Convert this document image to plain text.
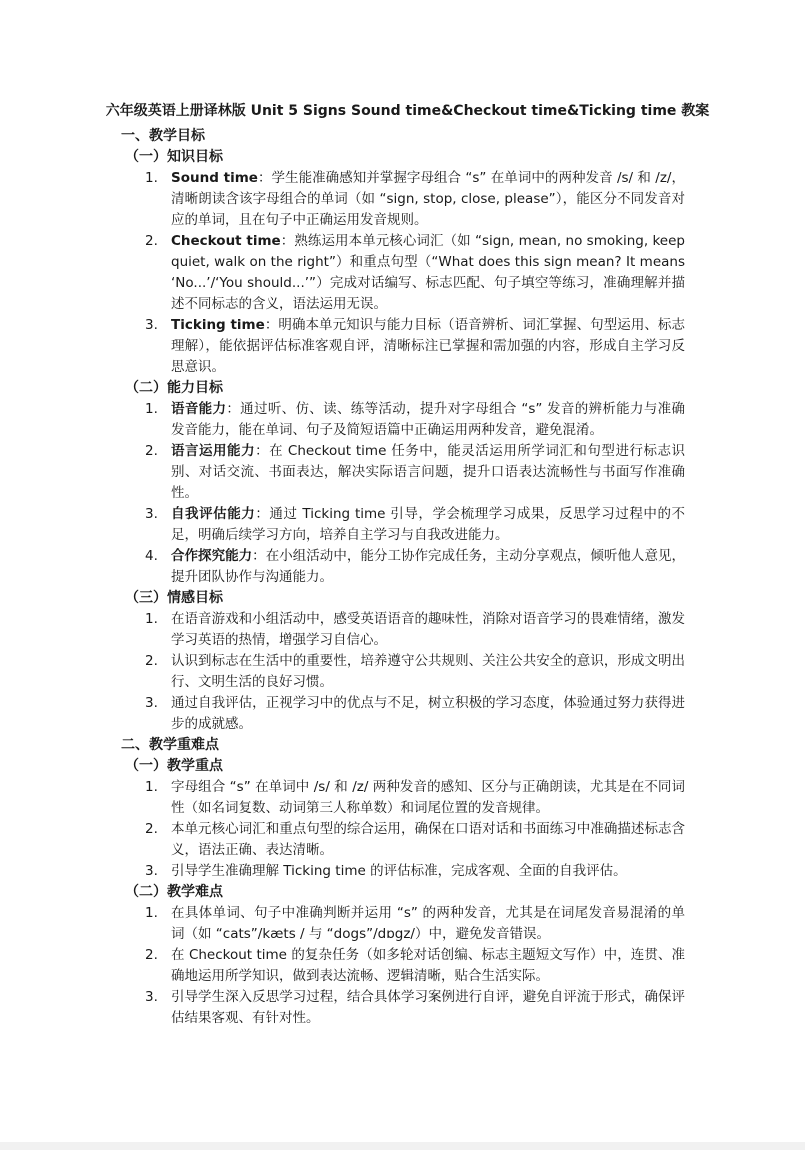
六年级英语上册译林版 Unit 5 Signs Sound time&Checkout time&Ticking time 教案
一、教学目标
（一）知识目标
1. Sound time：学生能准确感知并掌握字母组合 “s” 在单词中的两种发音 /s/ 和 /z/，清晰朗读含该字母组合的单词（如 “sign, stop, close, please”），能区分不同发音对应的单词，且在句子中正确运用发音规则。
2. Checkout time：熟练运用本单元核心词汇（如 “sign, mean, no smoking, keep quiet, walk on the right”）和重点句型（“What does this sign mean? It means ‘No...’/‘You should...’”）完成对话编写、标志匹配、句子填空等练习，准确理解并描述不同标志的含义，语法运用无误。
3. Ticking time：明确本单元知识与能力目标（语音辨析、词汇掌握、句型运用、标志理解），能依据评估标准客观自评，清晰标注已掌握和需加强的内容，形成自主学习反思意识。
（二）能力目标
1. 语音能力：通过听、仿、读、练等活动，提升对字母组合 “s” 发音的辨析能力与准确发音能力，能在单词、句子及简短语篇中正确运用两种发音，避免混淆。
2. 语言运用能力：在 Checkout time 任务中，能灵活运用所学词汇和句型进行标志识别、对话交流、书面表达，解决实际语言问题，提升口语表达流畅性与书面写作准确性。
3. 自我评估能力：通过 Ticking time 引导，学会梳理学习成果，反思学习过程中的不足，明确后续学习方向，培养自主学习与自我改进能力。
4. 合作探究能力：在小组活动中，能分工协作完成任务，主动分享观点，倾听他人意见，提升团队协作与沟通能力。
（三）情感目标
1. 在语音游戏和小组活动中，感受英语语音的趣味性，消除对语音学习的畏难情绪，激发学习英语的热情，增强学习自信心。
2. 认识到标志在生活中的重要性，培养遵守公共规则、关注公共安全的意识，形成文明出行、文明生活的良好习惯。
3. 通过自我评估，正视学习中的优点与不足，树立积极的学习态度，体验通过努力获得进步的成就感。
二、教学重难点
（一）教学重点
1. 字母组合 “s” 在单词中 /s/ 和 /z/ 两种发音的感知、区分与正确朗读，尤其是在不同词性（如名词复数、动词第三人称单数）和词尾位置的发音规律。
2. 本单元核心词汇和重点句型的综合运用，确保在口语对话和书面练习中准确描述标志含义，语法正确、表达清晰。
3. 引导学生准确理解 Ticking time 的评估标准，完成客观、全面的自我评估。
（二）教学难点
1. 在具体单词、句子中准确判断并运用 “s” 的两种发音，尤其是在词尾发音易混淆的单词（如 “cats”/kæts / 与 “dogs”/dɒgz/）中，避免发音错误。
2. 在 Checkout time 的复杂任务（如多轮对话创编、标志主题短文写作）中，连贯、准确地运用所学知识，做到表达流畅、逻辑清晰，贴合生活实际。
3. 引导学生深入反思学习过程，结合具体学习案例进行自评，避免自评流于形式，确保评估结果客观、有针对性。
